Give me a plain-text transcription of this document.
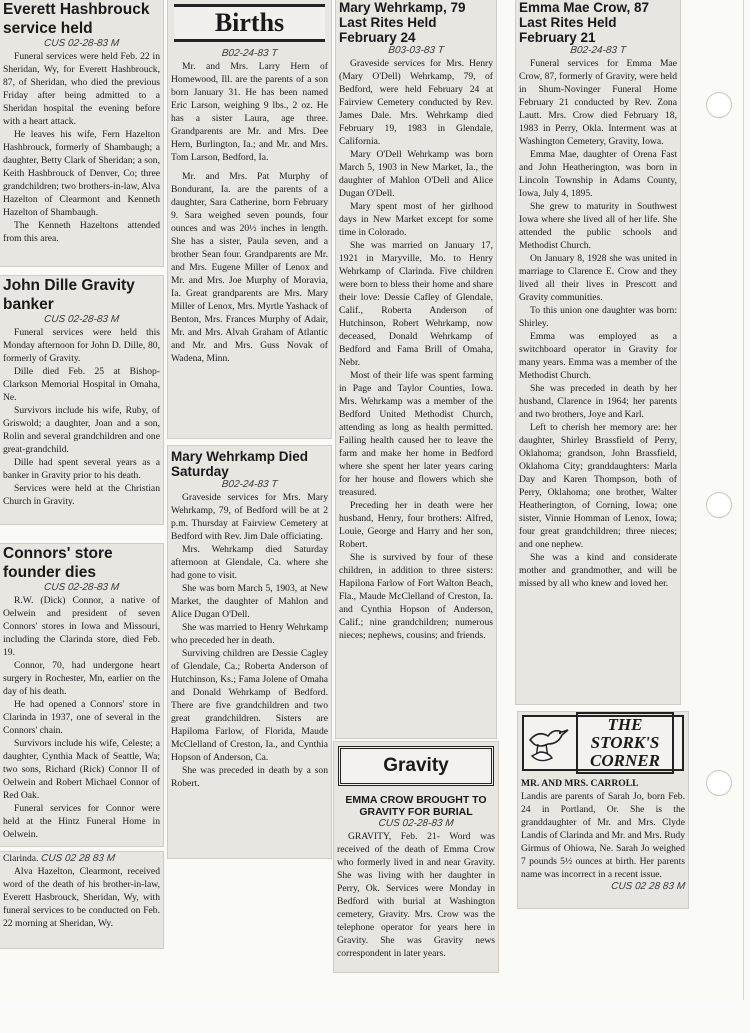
Everett Hashbrouck service held
CUS 02-28-83 M

Funeral services were held Feb. 22 in Sheridan, Wy, for Everett Hashbrouck, 87, of Sheridan, who died the previous Friday after being admitted to a Sheridan hospital the evening before with a heart attack.

He leaves his wife, Fern Hazelton Hashbrouck, formerly of Shambaugh; a daughter, Betty Clark of Sheridan; a son, Keith Hashbrouck of Denver, Co; three grandchildren; two brothers-in-law, Alva Hazelton of Clearmont and Kenneth Hazelton of Shambaugh.

The Kenneth Hazeltons attended from this area.

John Dille Gravity banker
CUS 02-28-83 M

Funeral services were held this Monday afternoon for John D. Dille, 80, formerly of Gravity.

Dille died Feb. 25 at Bishop-Clarkson Memorial Hospital in Omaha, Ne.

Survivors include his wife, Ruby, of Griswold; a daughter, Joan and a son, Rolin and several grandchildren and one great-grandchild.

Dille had spent several years as a banker in Gravity prior to his death.

Services were held at the Christian Church in Gravity.

Connors' store founder dies
CUS 02-28-83 M

R.W. (Dick) Connor, a native of Oelwein and president of seven Connors' stores in Iowa and Missouri, including the Clarinda store, died Feb. 19.

Connor, 70, had undergone heart surgery in Rochester, Mn, earlier on the day of his death.

He had opened a Connors' store in Clarinda in 1937, one of several in the Connors' chain.

Survivors include his wife, Celeste; a daughter, Cynthia Mack of Seattle, Wa; two sons, Richard (Rick) Connor II of Oelwein and Robert Michael Connor of Red Oak.

Funeral services for Connor were held at the Hintz Funeral Home in Oelwein.

Clarinda. CUS 02 28 83 M

Alva Hazelton, Clearmont, received word of the death of his brother-in-law, Everett Hasbrouck, Sheridan, Wy, with funeral services to be conducted on Feb. 22 morning at Sheridan, Wy.

Births
B02-24-83 T

Mr. and Mrs. Larry Hern of Homewood, Ill. are the parents of a son born January 31. He has been named Eric Larson, weighing 9 lbs., 2 oz. He has a sister Laura, age three. Grandparents are Mr. and Mrs. Dee Hern, Burlington, Ia.; and Mr. and Mrs. Tom Larson, Bedford, Ia.

Mr. and Mrs. Pat Murphy of Bondurant, Ia. are the parents of a daughter, Sara Catherine, born February 9. Sara weighed seven pounds, four ounces and was 20½ inches in length. She has a sister, Paula seven, and a brother Sean four. Grandparents are Mr. and Mrs. Eugene Miller of Lenox and Mr. and Mrs. Joe Murphy of Moravia, Ia. Great grandparents are Mrs. Mary Miller of Lenox, Mrs. Myrtle Yashack of Benton, Mrs. Frances Murphy of Adair, Mr. and Mrs. Alvah Graham of Atlantic and Mr. and Mrs. Guss Novak of Wadena, Minn.

Mary Wehrkamp Died Saturday
B02-24-83 T

Graveside services for Mrs. Mary Wehrkamp, 79, of Bedford will be at 2 p.m. Thursday at Fairview Cemetery at Bedford with Rev. Jim Dale officiating.

Mrs. Wehrkamp died Saturday afternoon at Glendale, Ca. where she had gone to visit.

She was born March 5, 1903, at New Market, the daughter of Mahlon and Alice Dugan O'Dell.

She was married to Henry Wehrkamp who preceded her in death.

Surviving children are Dessie Cagley of Glendale, Ca.; Roberta Anderson of Hutchinson, Ks.; Fama Jolene of Omaha and Donald Wehrkamp of Bedford. There are five grandchildren and two great grandchildren. Sisters are Hapiloma Farlow, of Florida, Maude McClelland of Creston, Ia., and Cynthia Hopson of Anderson, Ca.

She was preceded in death by a son Robert.

Mary Wehrkamp, 79 Last Rites Held February 24
B03-03-83 T

Graveside services for Mrs. Henry (Mary O'Dell) Wehrkamp, 79, of Bedford, were held February 24 at Fairview Cemetery conducted by Rev. James Dale. Mrs. Wehrkamp died February 19, 1983 in Glendale, California.

Mary O'Dell Wehrkamp was born March 5, 1903 in New Market, Ia., the daughter of Mahlon O'Dell and Alice Dugan O'Dell.

Mary spent most of her girlhood days in New Market except for some time in Colorado.

She was married on January 17, 1921 in Maryville, Mo. to Henry Wehrkamp of Clarinda. Five children were born to bless their home and share their love: Dessie Cafley of Glendale, Calif., Roberta Anderson of Hutchinson, Robert Wehrkamp, now deceased, Donald Wehrkamp of Bedford and Fama Brill of Omaha, Nebr.

Most of their life was spent farming in Page and Taylor Counties, Iowa. Mrs. Wehrkamp was a member of the Bedford United Methodist Church, attending as long as health permitted. Failing health caused her to leave the farm and make her home in Bedford where she spent her later years caring for her house and flowers which she treasured.

Preceding her in death were her husband, Henry, four brothers: Alfred, Louie, George and Harry and her son, Robert.

She is survived by four of these children, in addition to three sisters: Hapilona Farlow of Fort Walton Beach, Fla., Maude McClelland of Creston, Ia. and Cynthia Hopson of Anderson, Calif.; nine grandchildren; numerous nieces; nephews, cousins; and friends.

Gravity
EMMA CROW BROUGHT TO GRAVITY FOR BURIAL
CUS 02-28-83 M

GRAVITY, Feb. 21- Word was received of the death of Emma Crow who formerly lived in and near Gravity. She was living with her daughter in Perry, Ok. Services were Monday in Bedford with burial at Washington cemetery, Gravity. Mrs. Crow was the telephone operator for years here in Gravity. She was Gravity news correspondent in later years.

Emma Mae Crow, 87 Last Rites Held February 21
B02-24-83 T

Funeral services for Emma Mae Crow, 87, formerly of Gravity, were held in Shum-Novinger Funeral Home February 21 conducted by Rev. Zona Lautt. Mrs. Crow died February 18, 1983 in Perry, Okla. Interment was at Washington Cemetery, Gravity, Iowa.

Emma Mae, daughter of Orena Fast and John Heatherington, was born in Lincoln Township in Adams County, Iowa, July 4, 1895.

She grew to maturity in Southwest Iowa where she lived all of her life. She attended the public schools and Methodist Church.

On January 8, 1928 she was united in marriage to Clarence E. Crow and they lived all their lives in Prescott and Gravity communities.

To this union one daughter was born: Shirley.

Emma was employed as a switchboard operator in Gravity for many years. Emma was a member of the Methodist Church.

She was preceded in death by her husband, Clarence in 1964; her parents and two brothers, Joye and Karl.

Left to cherish her memory are: her daughter, Shirley Brassfield of Perry, Oklahoma; grandson, John Brassfield, Oklahoma City; granddaughters: Marla Day and Karen Thompson, both of Perry, Oklahoma; one brother, Walter Heatherington, of Corning, Iowa; one sister, Vinnie Homman of Lenox, Iowa; four great grandchildren; three nieces; and one nephew.

She was a kind and considerate mother and grandmother, and will be missed by all who knew and loved her.

THE STORK'S CORNER

MR. AND MRS. CARROLL

Landis are parents of Sarah Jo, born Feb. 24 in Portland, Or. She is the granddaughter of Mr. and Mrs. Clyde Landis of Clarinda and Mr. and Mrs. Rudy Girmus of Ohiowa, Ne. Sarah Jo weighed 7 pounds 5½ ounces at birth. Her parents name was incorrect in a recent issue.

CUS 02 28 83 M
